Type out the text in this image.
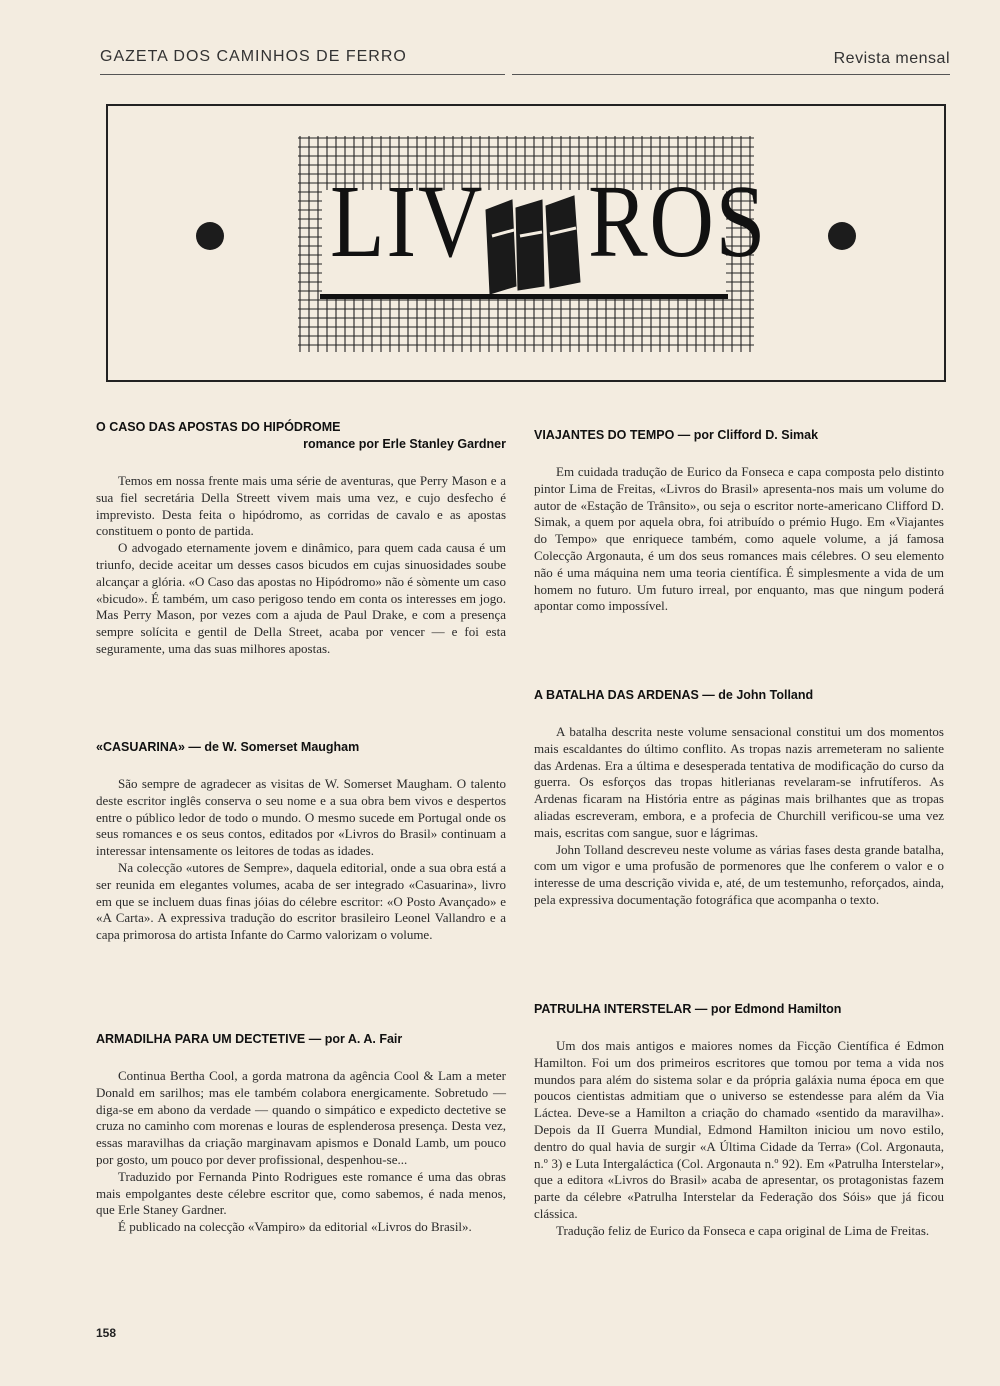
GAZETA DOS CAMINHOS DE FERRO	Revista mensal
LIV ROS
O CASO DAS APOSTAS DO HIPÓDROME
romance por Erle Stanley Gardner

Temos em nossa frente mais uma série de aventuras, que Perry Mason e a sua fiel secretária Della Streett vivem mais uma vez, e cujo desfecho é imprevisto. Desta feita o hipódromo, as corridas de cavalo e as apostas constituem o ponto de partida.

O advogado eternamente jovem e dinâmico, para quem cada causa é um triunfo, decide aceitar um desses casos bicudos em cujas sinuosidades soube alcançar a glória. «O Caso das apostas no Hipódromo» não é sòmente um caso «bicudo». É também, um caso perigoso tendo em conta os interesses em jogo. Mas Perry Mason, por vezes com a ajuda de Paul Drake, e com a presença sempre solícita e gentil de Della Street, acaba por vencer — e foi esta seguramente, uma das suas milhores apostas.

«CASUARINA» — de W. Somerset Maugham

São sempre de agradecer as visitas de W. Somerset Maugham. O talento deste escritor inglês conserva o seu nome e a sua obra bem vivos e despertos entre o público ledor de todo o mundo. O mesmo sucede em Portugal onde os seus romances e os seus contos, editados por «Livros do Brasil» continuam a interessar intensamente os leitores de todas as idades.

Na colecção «utores de Sempre», daquela editorial, onde a sua obra está a ser reunida em elegantes volumes, acaba de ser integrado «Casuarina», livro em que se incluem duas finas jóias do célebre escritor: «O Posto Avançado» e «A Carta». A expressiva tradução do escritor brasileiro Leonel Vallandro e a capa primorosa do artista Infante do Carmo valorizam o volume.

ARMADILHA PARA UM DECTETIVE — por A. A. Fair

Continua Bertha Cool, a gorda matrona da agência Cool & Lam a meter Donald em sarilhos; mas ele também colabora energicamente. Sobretudo — diga-se em abono da verdade — quando o simpático e expedicto dectetive se cruza no caminho com morenas e louras de esplenderosa presença. Desta vez, essas maravilhas da criação marginavam apismos e Donald Lamb, um pouco por gosto, um pouco por dever profissional, despenhou-se...

Traduzido por Fernanda Pinto Rodrigues este romance é uma das obras mais empolgantes deste célebre escritor que, como sabemos, é nada menos, que Erle Staney Gardner.

É publicado na colecção «Vampiro» da editorial «Livros do Brasil».

VIAJANTES DO TEMPO — por Clifford D. Simak

Em cuidada tradução de Eurico da Fonseca e capa composta pelo distinto pintor Lima de Freitas, «Livros do Brasil» apresenta-nos mais um volume do autor de «Estação de Trânsito», ou seja o escritor norte-americano Clifford D. Simak, a quem por aquela obra, foi atribuído o prémio Hugo. Em «Viajantes do Tempo» que enriquece também, como aquele volume, a já famosa Colecção Argonauta, é um dos seus romances mais célebres. O seu elemento não é uma máquina nem uma teoria científica. É simplesmente a vida de um homem no futuro. Um futuro irreal, por enquanto, mas que ningum poderá apontar como impossível.

A BATALHA DAS ARDENAS — de John Tolland

A batalha descrita neste volume sensacional constitui um dos momentos mais escaldantes do último conflito. As tropas nazis arremeteram no saliente das Ardenas. Era a última e desesperada tentativa de modificação do curso da guerra. Os esforços das tropas hitlerianas revelaram-se infrutíferos. As Ardenas ficaram na História entre as páginas mais brilhantes que as tropas aliadas escreveram, embora, e a profecia de Churchill verificou-se uma vez mais, escritas com sangue, suor e lágrimas.

John Tolland descreveu neste volume as várias fases desta grande batalha, com um vigor e uma profusão de pormenores que lhe conferem o valor e o interesse de uma descrição vivida e, até, de um testemunho, reforçados, ainda, pela expressiva documentação fotográfica que acompanha o texto.

PATRULHA INTERSTELAR — por Edmond Hamilton

Um dos mais antigos e maiores nomes da Ficção Científica é Edmon Hamilton. Foi um dos primeiros escritores que tomou por tema a vida nos mundos para além do sistema solar e da própria galáxia numa época em que poucos cientistas admitiam que o universo se estendesse para além da Via Láctea. Deve-se a Hamilton a criação do chamado «sentido da maravilha». Depois da II Guerra Mundial, Edmond Hamilton iniciou um novo estilo, dentro do qual havia de surgir «A Última Cidade da Terra» (Col. Argonauta, n.º 3) e Luta Intergaláctica (Col. Argonauta n.º 92). Em «Patrulha Interstelar», que a editora «Livros do Brasil» acaba de apresentar, os protagonistas fazem parte da célebre «Patrulha Interstelar da Federação dos Sóis» que já ficou clássica.

Tradução feliz de Eurico da Fonseca e capa original de Lima de Freitas.

158
